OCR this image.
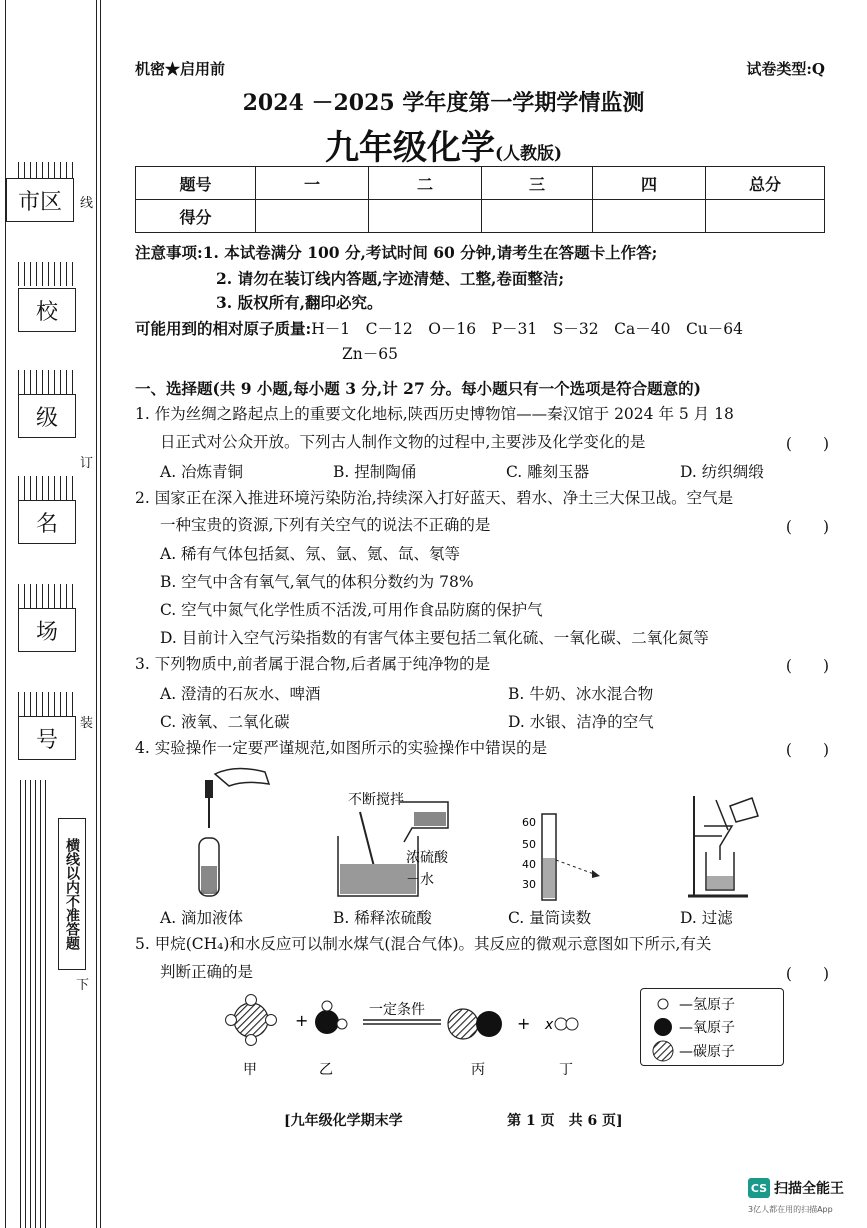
市区
校
级
名
场
号
线
订
装
横线以内不准答题
下
机密★启用前	试卷类型:Q
2024 －2025 学年度第一学期学情监测
九年级化学(人教版)
题号	一	二	三	四	总分
得分					
注意事项:1. 本试卷满分 100 分,考试时间 60 分钟,请考生在答题卡上作答;
2. 请勿在装订线内答题,字迹清楚、工整,卷面整洁;
3. 版权所有,翻印必究。
可能用到的相对原子质量:H－1　C－12　O－16　P－31　S－32　Ca－40　Cu－64
Zn－65
一、选择题(共 9 小题,每小题 3 分,计 27 分。每小题只有一个选项是符合题意的)
1. 作为丝绸之路起点上的重要文化地标,陕西历史博物馆——秦汉馆于 2024 年 5 月 18
日正式对公众开放。下列古人制作文物的过程中,主要涉及化学变化的是	(　　)
A. 冶炼青铜	B. 捏制陶俑	C. 雕刻玉器	D. 纺织绸缎
2. 国家正在深入推进环境污染防治,持续深入打好蓝天、碧水、净土三大保卫战。空气是
一种宝贵的资源,下列有关空气的说法不正确的是	(　　)
A. 稀有气体包括氦、氖、氩、氪、氙、氡等
B. 空气中含有氧气,氧气的体积分数约为 78%
C. 空气中氮气化学性质不活泼,可用作食品防腐的保护气
D. 目前计入空气污染指数的有害气体主要包括二氧化硫、一氧化碳、二氧化氮等
3. 下列物质中,前者属于混合物,后者属于纯净物的是	(　　)
A. 澄清的石灰水、啤酒	B. 牛奶、冰水混合物
C. 液氧、二氧化碳	D. 水银、洁净的空气
4. 实验操作一定要严谨规范,如图所示的实验操作中错误的是	(　　)
不断搅拌
浓硫酸
－水
60
50
40
30
A. 滴加液体	B. 稀释浓硫酸	C. 量筒读数	D. 过滤
5. 甲烷(CH₄)和水反应可以制水煤气(混合气体)。其反应的微观示意图如下所示,有关
判断正确的是	(　　)
+
一定条件
+ x
甲	乙	丙	丁
—氢原子
—氧原子
—碳原子
[九年级化学期末学	第 1 页　共 6 页]
CS 扫描全能王
3亿人都在用的扫描App
